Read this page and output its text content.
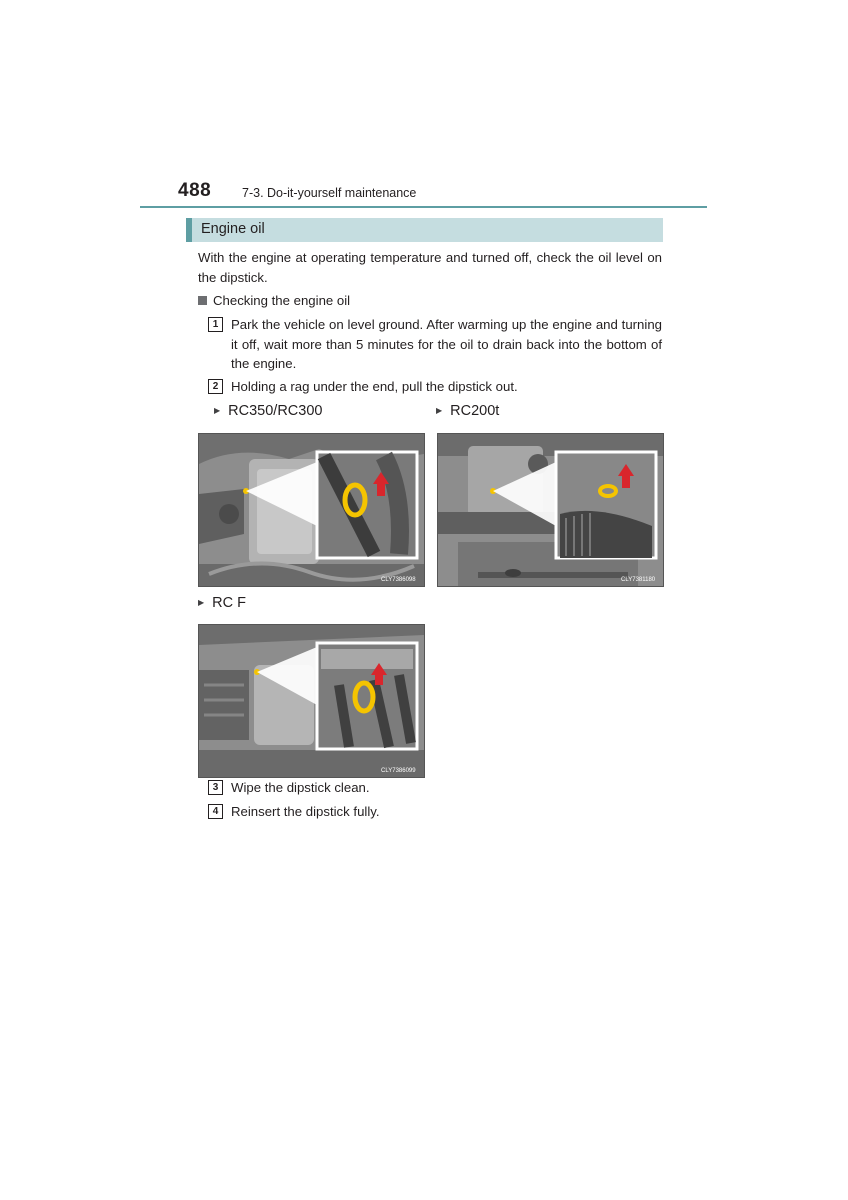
488 7-3. Do-it-yourself maintenance
Engine oil
With the engine at operating temperature and turned off, check the oil level on the dipstick.
Checking the engine oil
1 Park the vehicle on level ground. After warming up the engine and turning it off, wait more than 5 minutes for the oil to drain back into the bottom of the engine.
2 Holding a rag under the end, pull the dipstick out.
▶ RC350/RC300	▶ RC200t
CLY7386098	CLY7381180
▶ RC F
CLY7386099
3 Wipe the dipstick clean.
4 Reinsert the dipstick fully.
